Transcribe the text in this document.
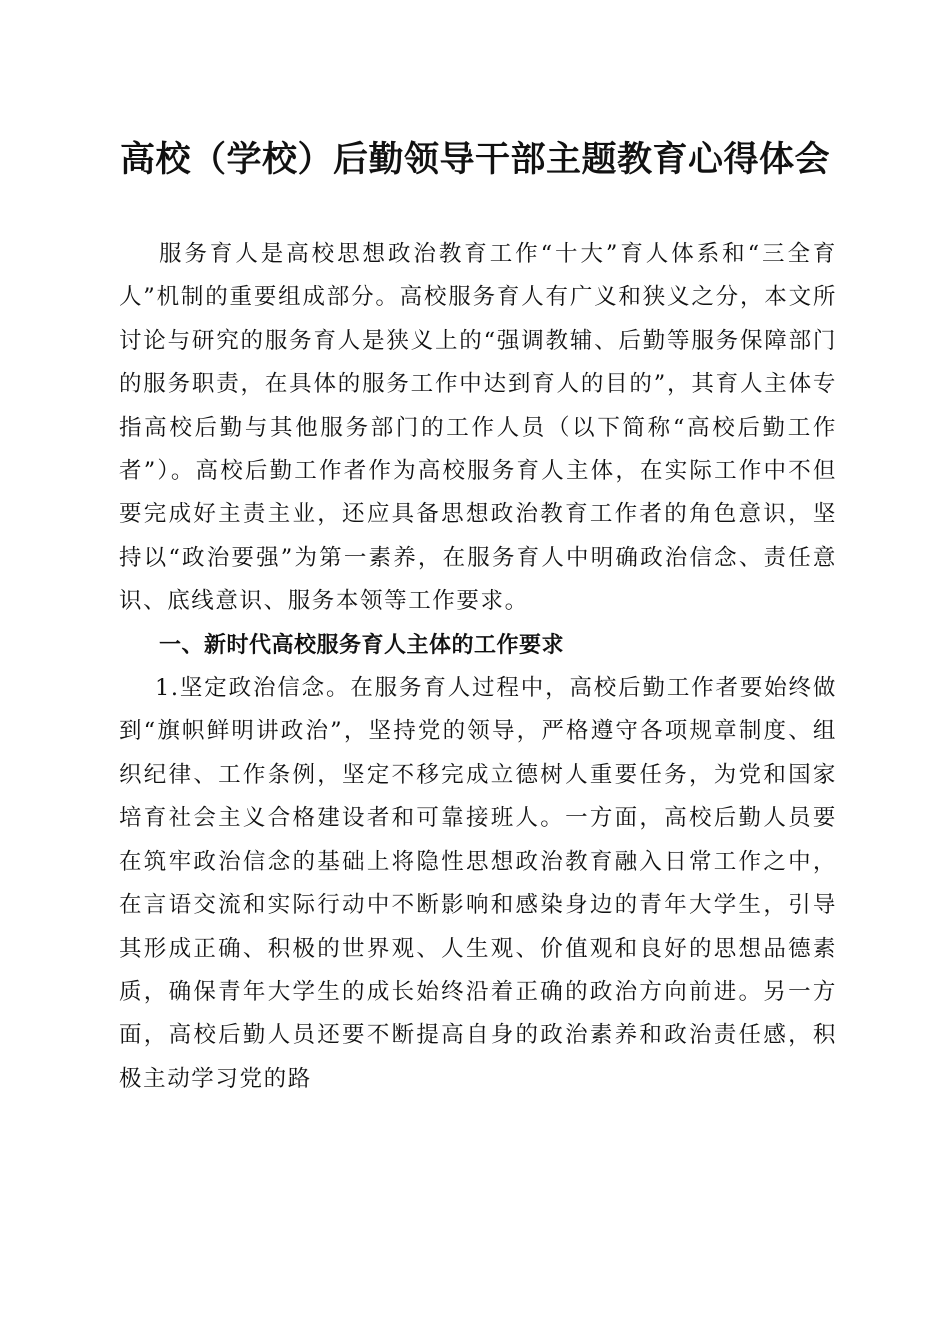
高校（学校）后勤领导干部主题教育心得体会

服务育人是高校思想政治教育工作“十大”育人体系和“三全育人”机制的重要组成部分。高校服务育人有广义和狭义之分，本文所讨论与研究的服务育人是狭义上的“强调教辅、后勤等服务保障部门的服务职责，在具体的服务工作中达到育人的目的”，其育人主体专指高校后勤与其他服务部门的工作人员（以下简称“高校后勤工作者”）。高校后勤工作者作为高校服务育人主体，在实际工作中不但要完成好主责主业，还应具备思想政治教育工作者的角色意识，坚持以“政治要强”为第一素养，在服务育人中明确政治信念、责任意识、底线意识、服务本领等工作要求。

一、新时代高校服务育人主体的工作要求

1.坚定政治信念。在服务育人过程中，高校后勤工作者要始终做到“旗帜鲜明讲政治”，坚持党的领导，严格遵守各项规章制度、组织纪律、工作条例，坚定不移完成立德树人重要任务，为党和国家培育社会主义合格建设者和可靠接班人。一方面，高校后勤人员要在筑牢政治信念的基础上将隐性思想政治教育融入日常工作之中，在言语交流和实际行动中不断影响和感染身边的青年大学生，引导其形成正确、积极的世界观、人生观、价值观和良好的思想品德素质，确保青年大学生的成长始终沿着正确的政治方向前进。另一方面，高校后勤人员还要不断提高自身的政治素养和政治责任感，积极主动学习党的路
